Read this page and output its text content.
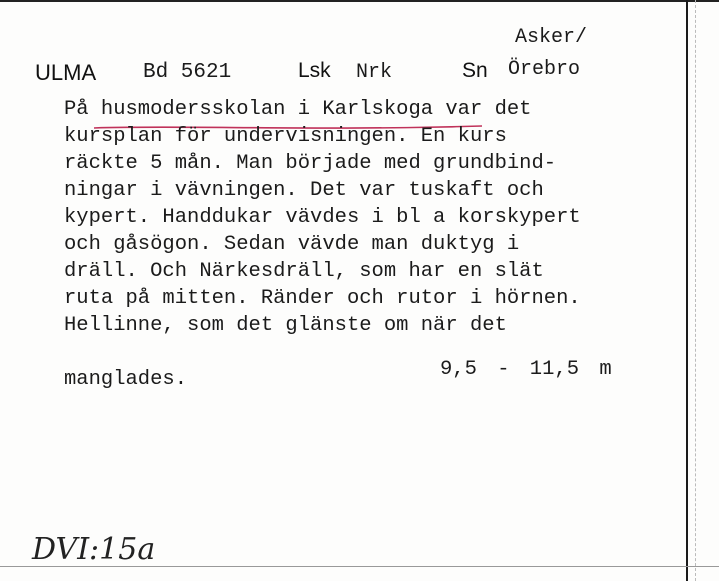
ULMA Bd 5621	Lsk Nrk	Sn
Asker/
Örebro
På husmodersskolan i Karlskoga var det
kursplan för undervisningen. En kurs
räckte 5 mån. Man började med grundbind-
ningar i vävningen. Det var tuskaft och
kypert. Handdukar vävdes i bl a korskypert
och gåsögon. Sedan vävde man duktyg i
dräll. Och Närkesdräll, som har en slät
ruta på mitten. Ränder och rutor i hörnen.
Hellinne, som det glänste om när det
manglades.	9,5 - 11,5 m
DVI:15a
